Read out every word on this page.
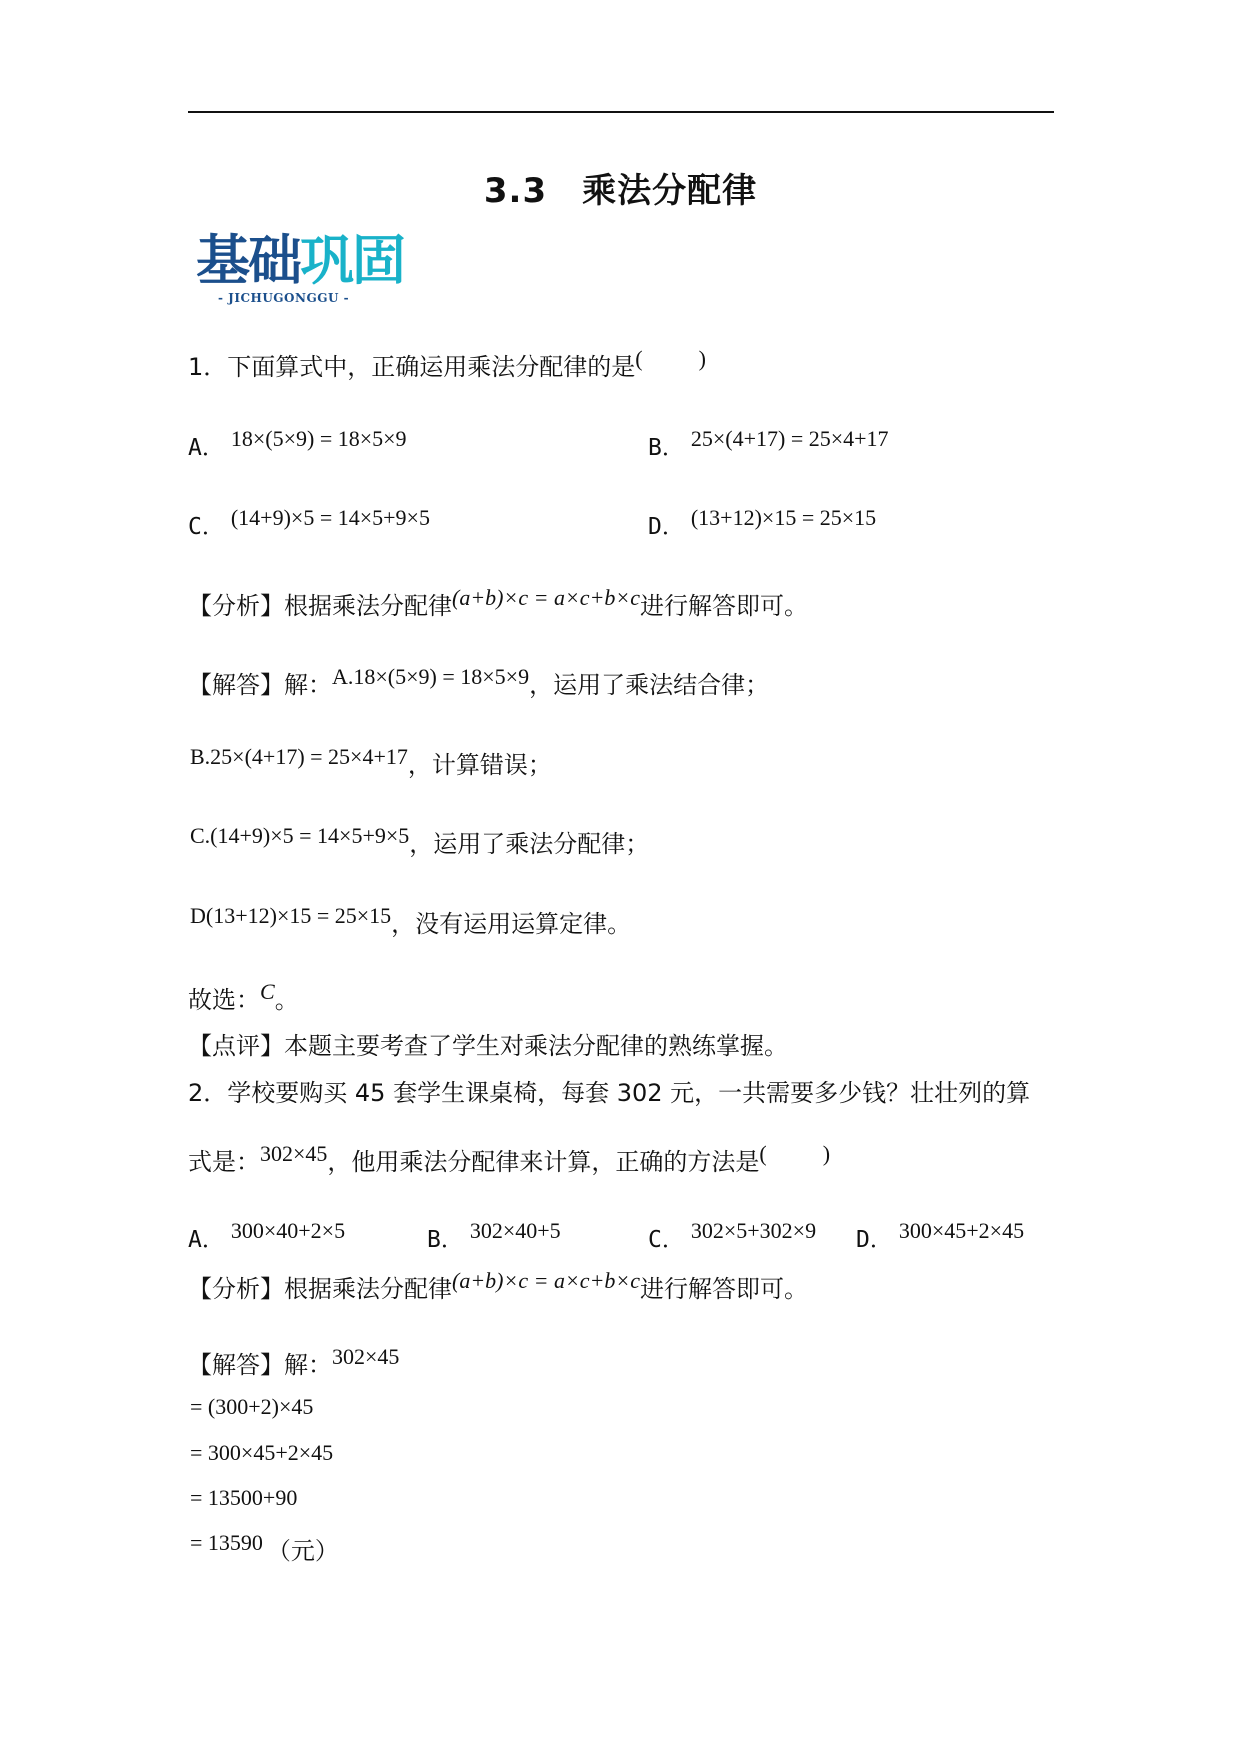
3.3　乘法分配律
基础巩固
- JICHUGONGGU -
1．下面算式中，正确运用乘法分配律的是(	)
A． 18×(5×9) = 18×5×9	B． 25×(4+17) = 25×4+17
C． (14+9)×5 = 14×5+9×5	D． (13+12)×15 = 25×15
【分析】根据乘法分配律(a+b)×c = a×c+b×c进行解答即可。
【解答】解：A.18×(5×9) = 18×5×9，运用了乘法结合律；
B.25×(4+17) = 25×4+17，计算错误；
C.(14+9)×5 = 14×5+9×5，运用了乘法分配律；
D(13+12)×15 = 25×15，没有运用运算定律。
故选：C。
【点评】本题主要考查了学生对乘法分配律的熟练掌握。
2．学校要购买 45 套学生课桌椅，每套 302 元，一共需要多少钱？壮壮列的算
式是：302×45，他用乘法分配律来计算，正确的方法是(	)
A． 300×40+2×5	B． 302×40+5	C． 302×5+302×9 D． 300×45+2×45
【分析】根据乘法分配律(a+b)×c = a×c+b×c进行解答即可。
【解答】解：302×45
= (300+2)×45
= 300×45+2×45
= 13500+90
= 13590 （元）
